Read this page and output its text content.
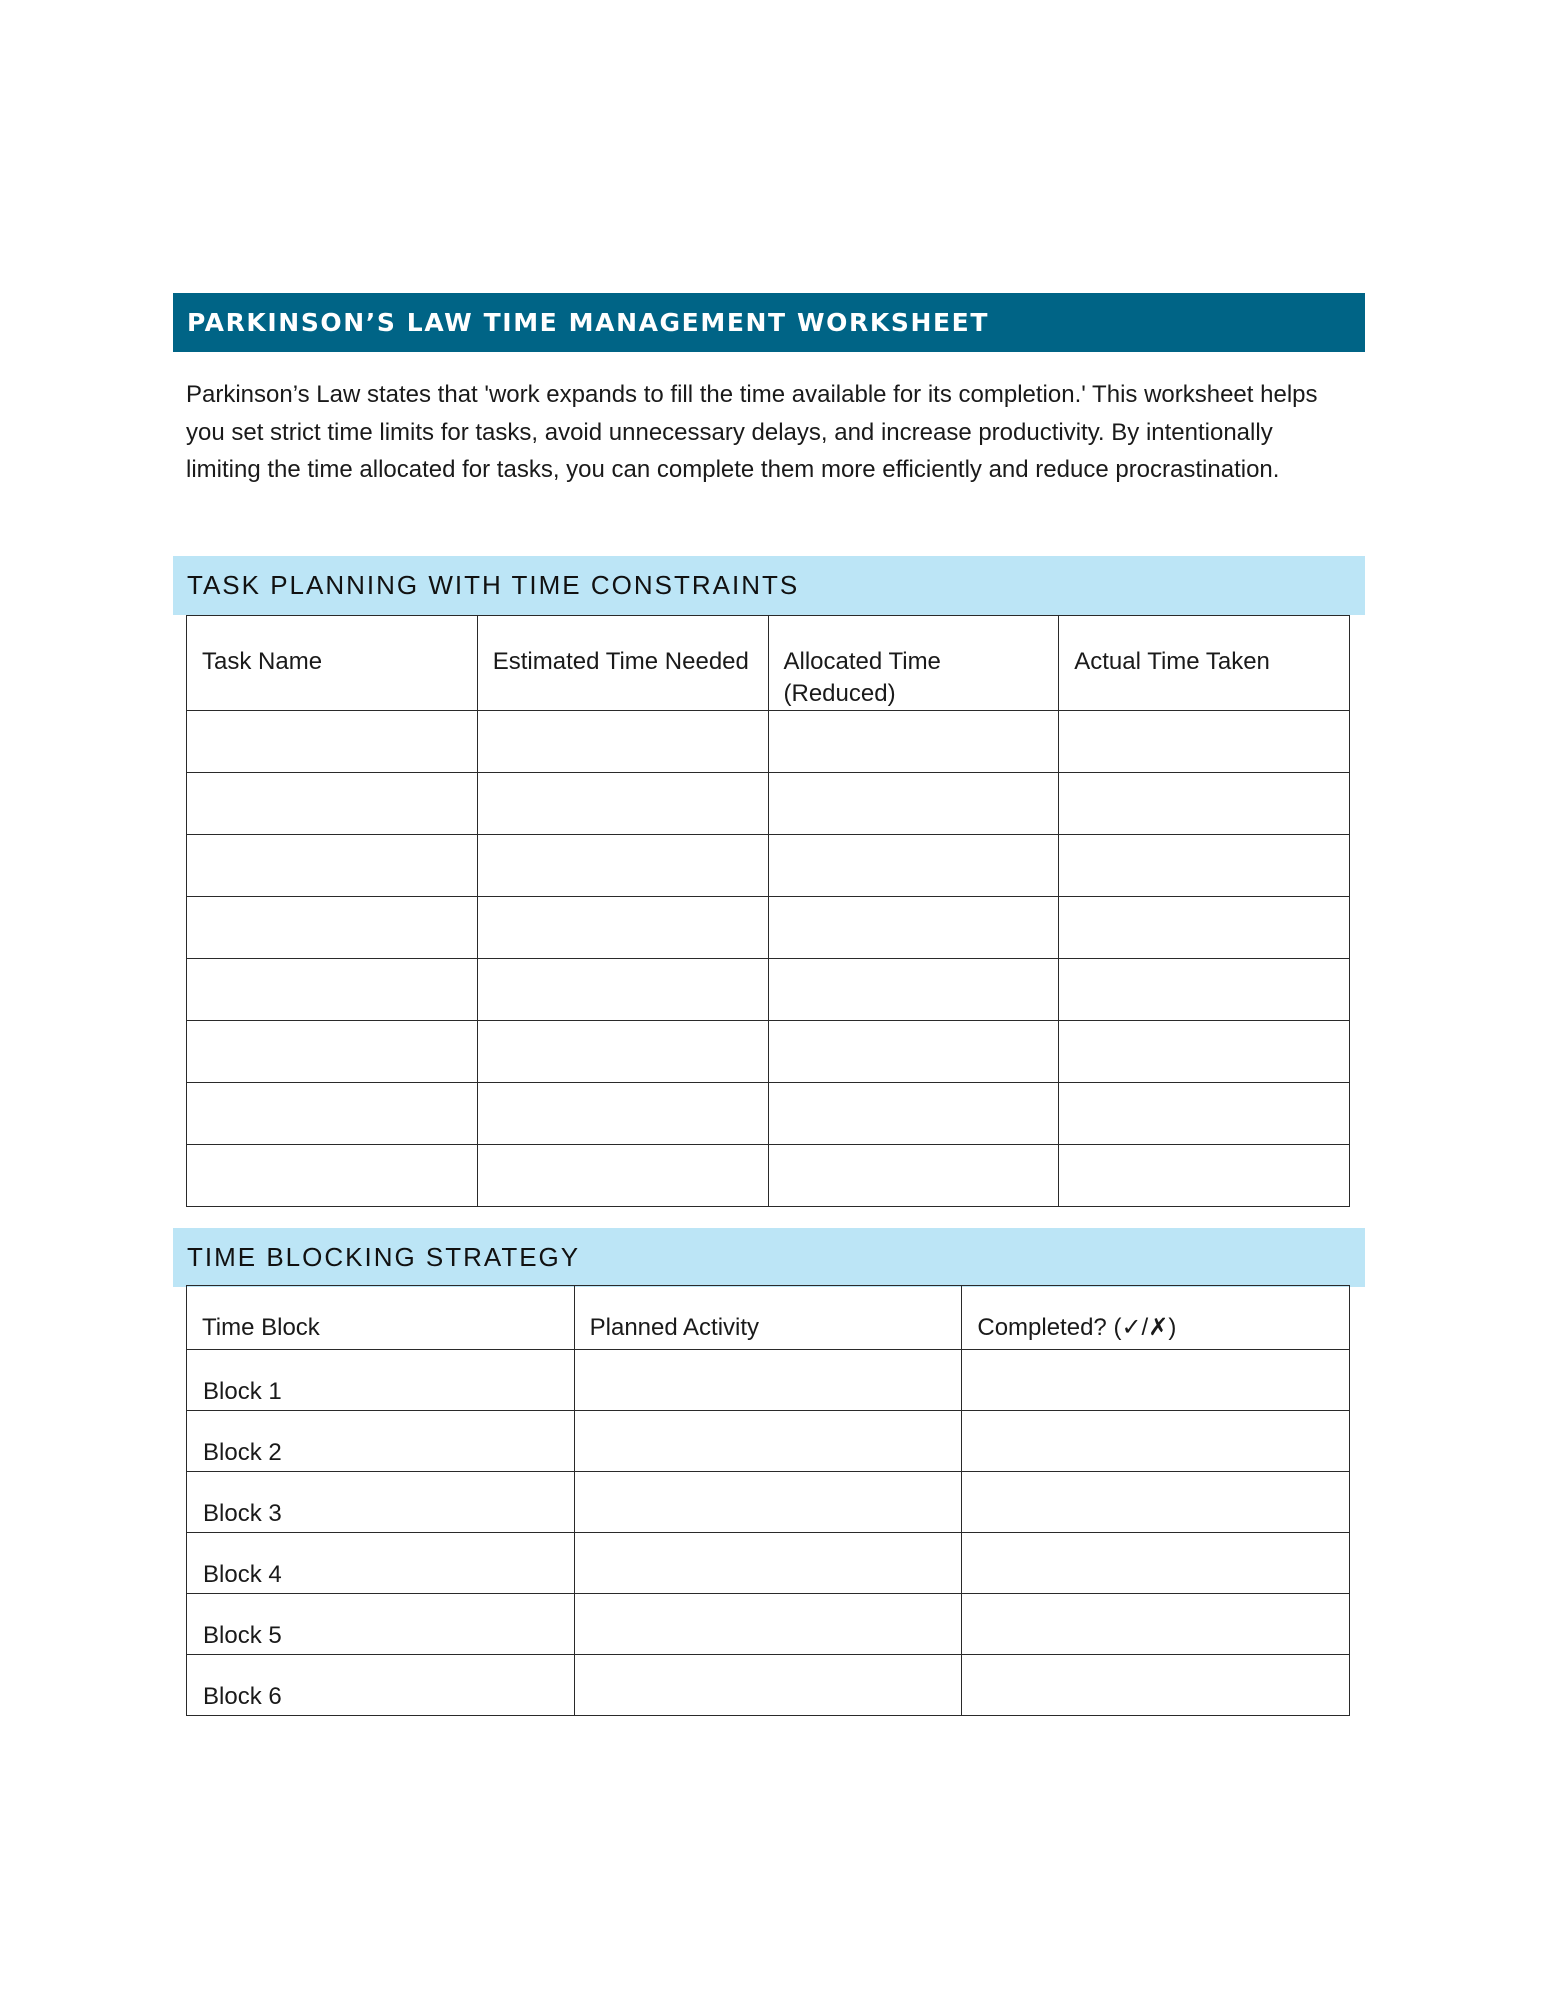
PARKINSON’S LAW TIME MANAGEMENT WORKSHEET

Parkinson’s Law states that 'work expands to fill the time available for its completion.' This worksheet helps you set strict time limits for tasks, avoid unnecessary delays, and increase productivity. By intentionally limiting the time allocated for tasks, you can complete them more efficiently and reduce procrastination.

TASK PLANNING WITH TIME CONSTRAINTS
Task Name	Estimated Time Needed	Allocated Time (Reduced)	Actual Time Taken

TIME BLOCKING STRATEGY
Time Block	Planned Activity	Completed? (✓/✗)
Block 1		
Block 2		
Block 3		
Block 4		
Block 5		
Block 6		
